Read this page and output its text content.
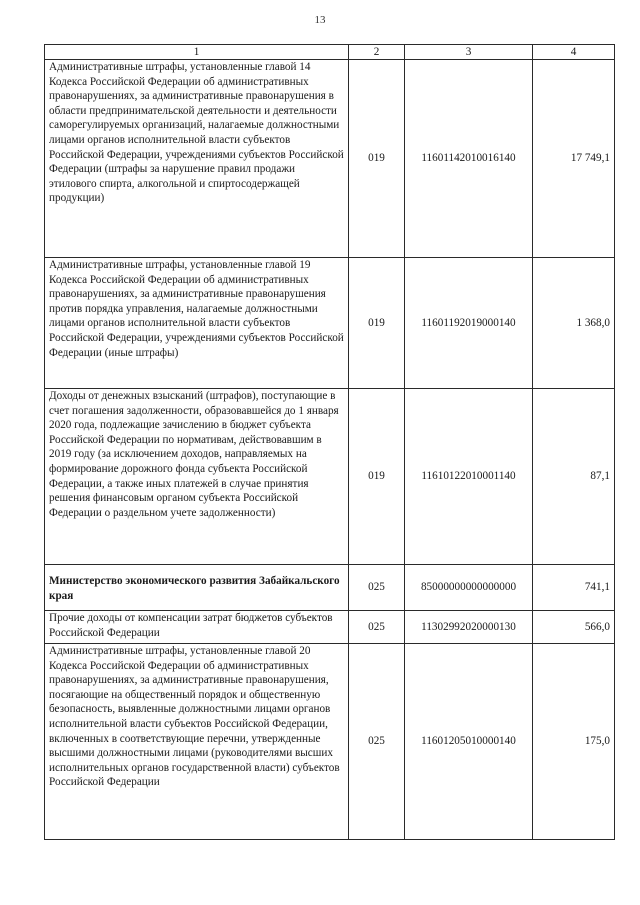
13
1	2	3	4
Административные штрафы, установленные главой 14 Кодекса Российской Федерации об административных правонарушениях, за административные правонарушения в области предпринимательской деятельности и деятельности саморегулируемых организаций, налагаемые должностными лицами органов исполнительной власти субъектов Российской Федерации, учреждениями субъектов Российской Федерации (штрафы за нарушение правил продажи этилового спирта, алкогольной и спиртосодержащей продукции)	019	11601142010016140	17 749,1
Административные штрафы, установленные главой 19 Кодекса Российской Федерации об административных правонарушениях, за административные правонарушения против порядка управления, налагаемые должностными лицами органов исполнительной власти субъектов Российской Федерации, учреждениями субъектов Российской Федерации (иные штрафы)	019	11601192019000140	1 368,0
Доходы от денежных взысканий (штрафов), поступающие в счет погашения задолженности, образовавшейся до 1 января 2020 года, подлежащие зачислению в бюджет субъекта Российской Федерации по нормативам, действовавшим в 2019 году (за исключением доходов, направляемых на формирование дорожного фонда субъекта Российской Федерации, а также иных платежей в случае принятия решения финансовым органом субъекта Российской Федерации о раздельном учете задолженности)	019	11610122010001140	87,1
Министерство экономического развития Забайкальского края	025	85000000000000000	741,1
Прочие доходы от компенсации затрат бюджетов субъектов Российской Федерации	025	11302992020000130	566,0
Административные штрафы, установленные главой 20 Кодекса Российской Федерации об административных правонарушениях, за административные правонарушения, посягающие на общественный порядок и общественную безопасность, выявленные должностными лицами органов исполнительной власти субъектов Российской Федерации, включенных в соответствующие перечни, утвержденные высшими должностными лицами (руководителями высших исполнительных органов государственной власти) субъектов Российской Федерации	025	11601205010000140	175,0
